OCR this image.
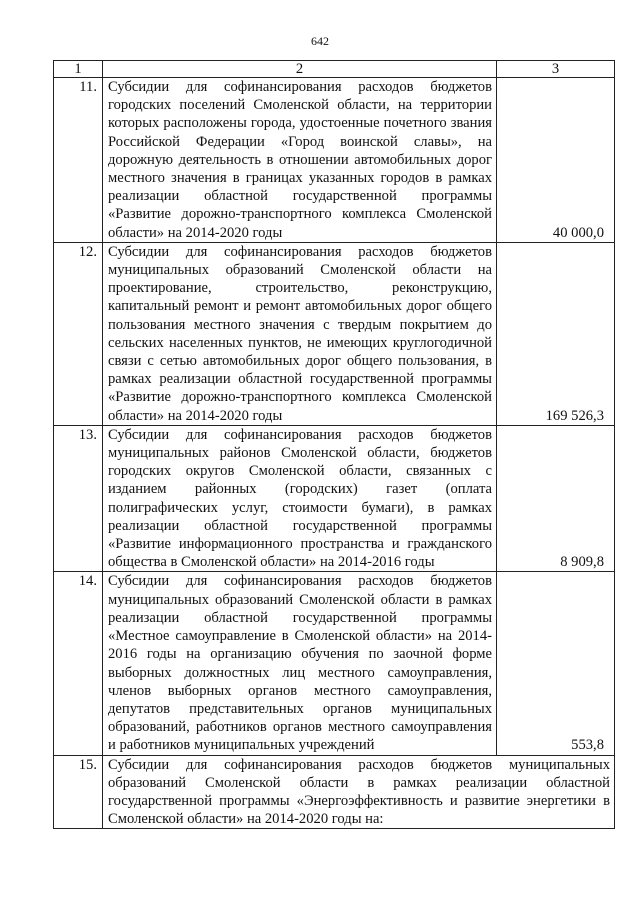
642
1	2	3
11.	Субсидии для софинансирования расходов бюджетов городских поселений Смоленской области, на территории которых расположены города, удостоенные почетного звания Российской Федерации «Город воинской славы», на дорожную деятельность в отношении автомобильных дорог местного значения в границах указанных городов в рамках реализации областной государственной программы «Развитие дорожно-транспортного комплекса Смоленской области» на 2014-2020 годы	40 000,0
12.	Субсидии для софинансирования расходов бюджетов муниципальных образований Смоленской области на проектирование, строительство, реконструкцию, капитальный ремонт и ремонт автомобильных дорог общего пользования местного значения с твердым покрытием до сельских населенных пунктов, не имеющих круглогодичной связи с сетью автомобильных дорог общего пользования, в рамках реализации областной государственной программы «Развитие дорожно-транспортного комплекса Смоленской области» на 2014-2020 годы	169 526,3
13.	Субсидии для софинансирования расходов бюджетов муниципальных районов Смоленской области, бюджетов городских округов Смоленской области, связанных с изданием районных (городских) газет (оплата полиграфических услуг, стоимости бумаги), в рамках реализации областной государственной программы «Развитие информационного пространства и гражданского общества в Смоленской области» на 2014-2016 годы	8 909,8
14.	Субсидии для софинансирования расходов бюджетов муниципальных образований Смоленской области в рамках реализации областной государственной программы «Местное самоуправление в Смоленской области» на 2014-2016 годы на организацию обучения по заочной форме выборных должностных лиц местного самоуправления, членов выборных органов местного самоуправления, депутатов представительных органов муниципальных образований, работников органов местного самоуправления и работников муниципальных учреждений	553,8
15.	Субсидии для софинансирования расходов бюджетов муниципальных образований Смоленской области в рамках реализации областной государственной программы «Энергоэффективность и развитие энергетики в Смоленской области» на 2014-2020 годы на:	
